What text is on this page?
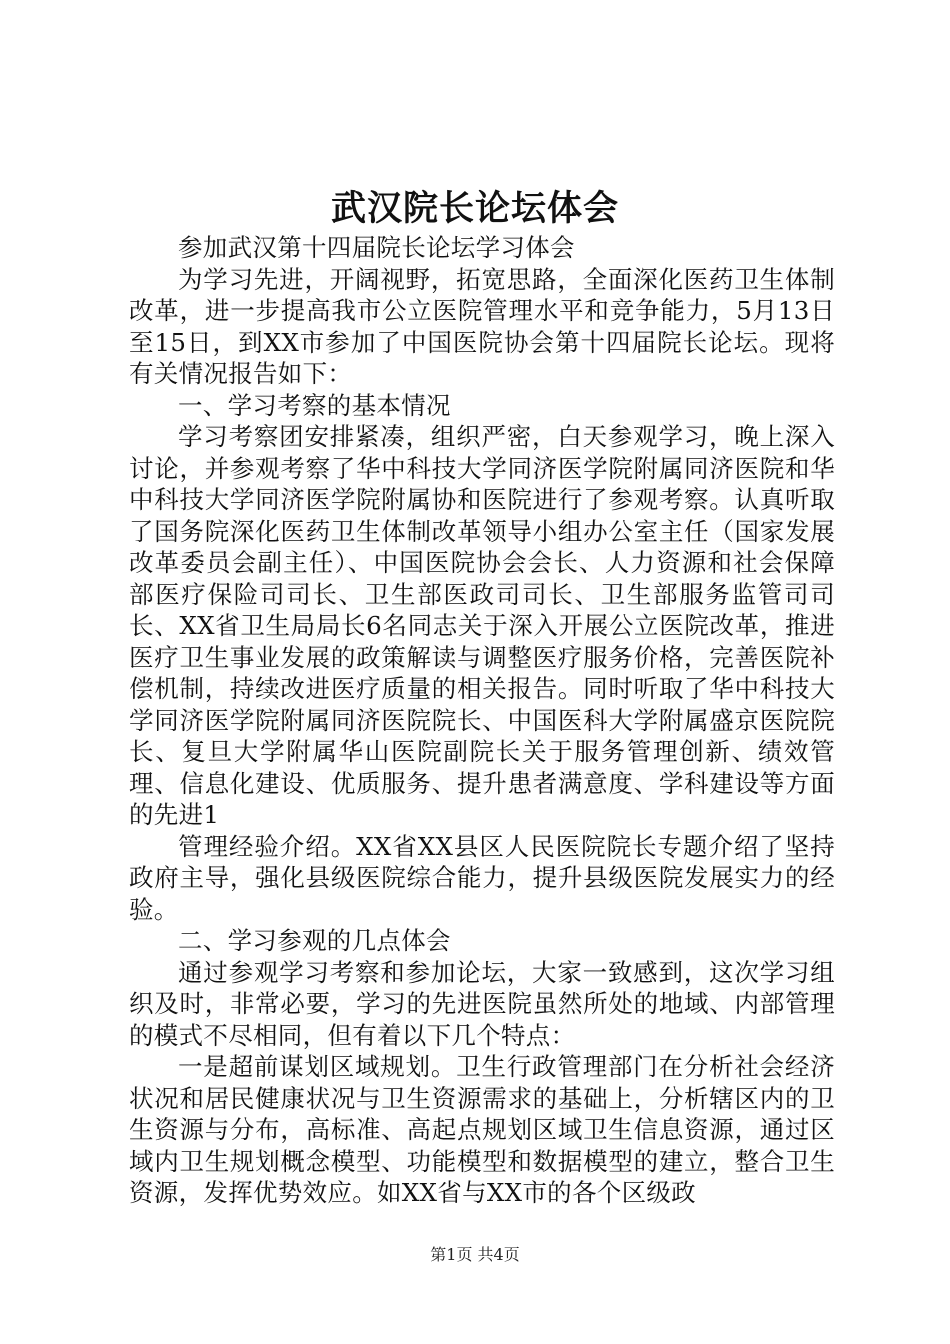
武汉院长论坛体会

参加武汉第十四届院长论坛学习体会

为学习先进，开阔视野，拓宽思路，全面深化医药卫生体制改革，进一步提高我市公立医院管理水平和竞争能力，5月13日至15日，到XX市参加了中国医院协会第十四届院长论坛。现将有关情况报告如下：

一、学习考察的基本情况

学习考察团安排紧凑，组织严密，白天参观学习，晚上深入讨论，并参观考察了华中科技大学同济医学院附属同济医院和华中科技大学同济医学院附属协和医院进行了参观考察。认真听取了国务院深化医药卫生体制改革领导小组办公室主任（国家发展改革委员会副主任）、中国医院协会会长、人力资源和社会保障部医疗保险司司长、卫生部医政司司长、卫生部服务监管司司长、XX省卫生局局长6名同志关于深入开展公立医院改革，推进医疗卫生事业发展的政策解读与调整医疗服务价格，完善医院补偿机制，持续改进医疗质量的相关报告。同时听取了华中科技大学同济医学院附属同济医院院长、中国医科大学附属盛京医院院长、复旦大学附属华山医院副院长关于服务管理创新、绩效管理、信息化建设、优质服务、提升患者满意度、学科建设等方面的先进1

管理经验介绍。XX省XX县区人民医院院长专题介绍了坚持政府主导，强化县级医院综合能力，提升县级医院发展实力的经验。

二、学习参观的几点体会

通过参观学习考察和参加论坛，大家一致感到，这次学习组织及时，非常必要，学习的先进医院虽然所处的地域、内部管理的模式不尽相同，但有着以下几个特点：

一是超前谋划区域规划。卫生行政管理部门在分析社会经济状况和居民健康状况与卫生资源需求的基础上，分析辖区内的卫生资源与分布，高标准、高起点规划区域卫生信息资源，通过区域内卫生规划概念模型、功能模型和数据模型的建立，整合卫生资源，发挥优势效应。如XX省与XX市的各个区级政

第1页 共4页
